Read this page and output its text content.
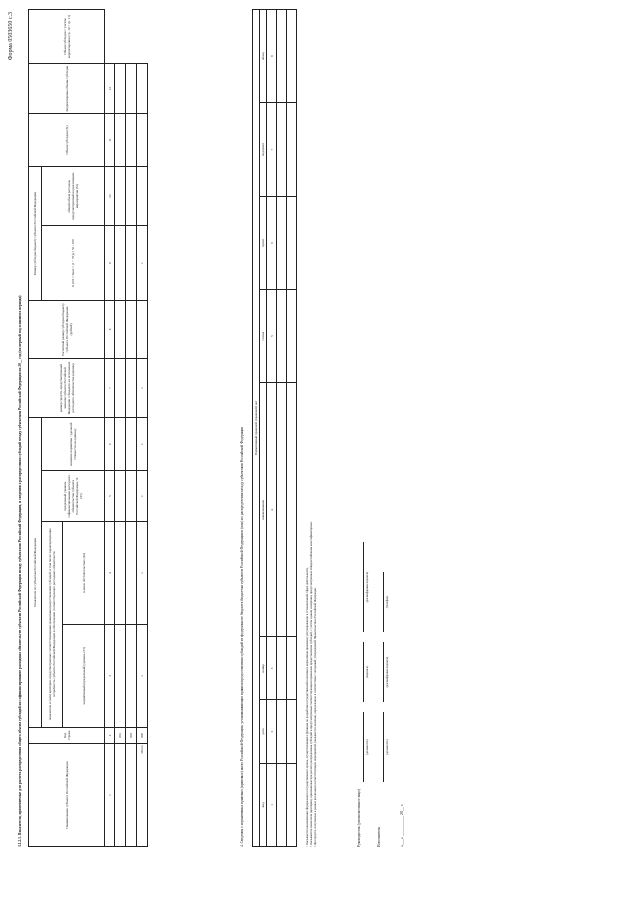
Форма 0503650 с.3
3.1.2.1. Показатели, применяемые для расчета распределения общего объема субсидий на софинансирование расходных обязательств субъектов Российской Федерации между субъектами Российской Федерации, и сведения о распределении субсидий между субъектами Российской Федерации на 20__ год (на первый год планового периода)	Наименование субъекта Российской Федерации	Код строки	Показатели по субъектам Российской Федерации				размер средств, предусмотренный законом субъекта Российской Федерации о бюджете на исполнение расходного обязательства (единиц)	Расчетный размер субсидии бюджету субъекта Российской Федерации (рублей)	Размер субсидии бюджету субъекта Российской Федерации		Объем субсидии (Si)	Корректировка объема субсидии	Объем субсидии с учетом корректировки (гр. 10 + гр. 11)
		показатели и (или) критерии, предусмотренные соответствующими правилами предоставления субсидий, в том числе характеризующие потребность субъекта Российской Федерации в обеспечении соответствующих расходных обязательств		предельный уровень софинансирования расходного обязательства субъекта Российской Федерации, %
(Yi)	значение норматива / удельной стоимости на единицу			Σ (0,9 × Sцел × (1 − Уi)) × Yi / 100	общий объем расходов, предусмотренный на реализацию мероприятия (Si)			
		нормативный (предельный) уровень (Уi)	в иных обстоятельствах (Кi)									
1	2	3	4	5	6	7	8	9	10	11	12	
	001											
	002											
Итого	900	x	x	x	x	x		x				
4. Сведения о нормативных правовых (правовых) актах Российской Федерации, устанавливающих правила предоставления субсидий из федерального бюджета бюджетам субъектов Российской Федерации и (или) их распределения между субъектами Российской Федерации	Нормативный правовой (правовой) акт							
вид	дата	номер	наименование	статья	пункт	подпункт	абзац
1	2	3	4	5	6	7	8

¹ Указывается наименование федерального государственного органа, осуществляющего функции по разработке государственной политики и нормативно-правовому регулированию в установленной сфере деятельности. ² Указываются показатели (критерии), применяемые при расчете распределения субсидий и предусмотренные соответствующими правилами предоставления субсидий, с учетом единиц измерения, предусмотренных общероссийскими классификаторами. ³ Для средств, полученных в рамках реализации соответствующих мероприятий, указывается значение, определенное в соответствии с методикой, утвержденной Правительством Российской Федерации.	Руководитель (уполномоченное лицо)
(должность)
(подпись)
(расшифровка подписи)
Исполнитель
(должность)
(расшифровка подписи)
(телефон)
«___» __________ 20__ г.
